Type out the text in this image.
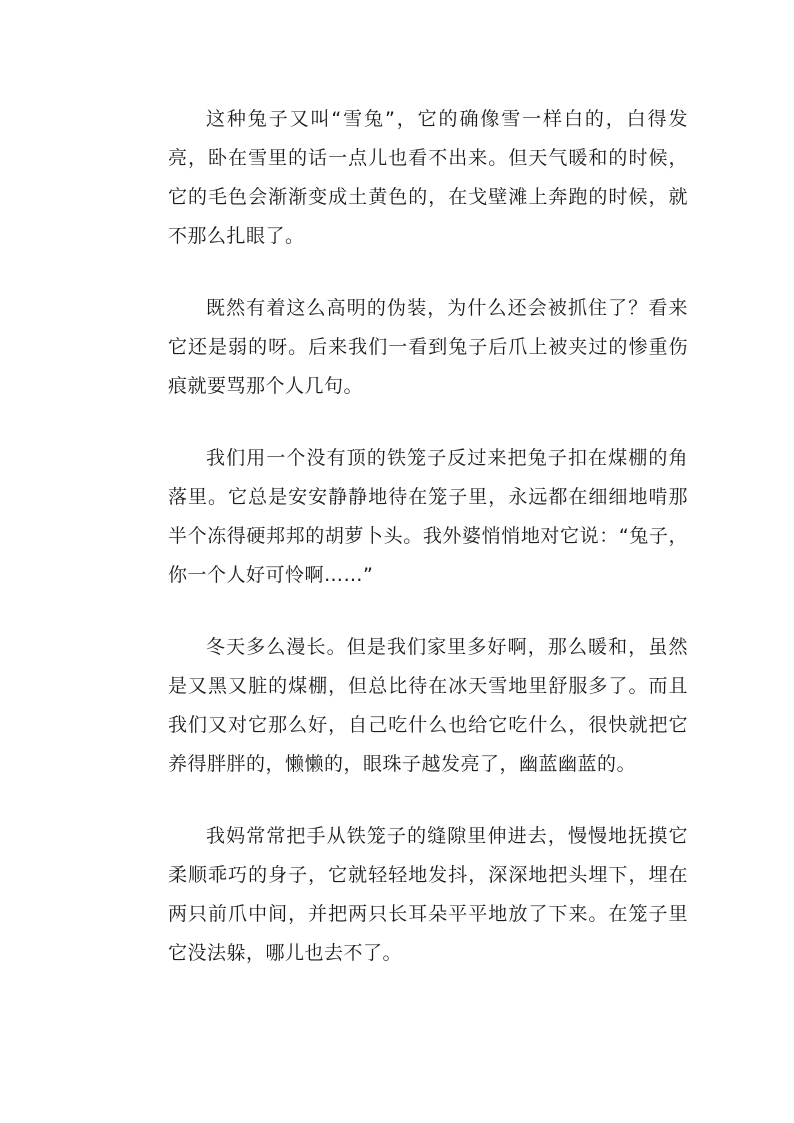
这种兔子又叫“雪兔”，它的确像雪一样白的，白得发亮，卧在雪里的话一点儿也看不出来。但天气暖和的时候，它的毛色会渐渐变成土黄色的，在戈壁滩上奔跑的时候，就不那么扎眼了。

既然有着这么高明的伪装，为什么还会被抓住了？看来它还是弱的呀。后来我们一看到兔子后爪上被夹过的惨重伤痕就要骂那个人几句。

我们用一个没有顶的铁笼子反过来把兔子扣在煤棚的角落里。它总是安安静静地待在笼子里，永远都在细细地啃那半个冻得硬邦邦的胡萝卜头。我外婆悄悄地对它说：“兔子，你一个人好可怜啊……”

冬天多么漫长。但是我们家里多好啊，那么暖和，虽然是又黑又脏的煤棚，但总比待在冰天雪地里舒服多了。而且我们又对它那么好，自己吃什么也给它吃什么，很快就把它养得胖胖的，懒懒的，眼珠子越发亮了，幽蓝幽蓝的。

我妈常常把手从铁笼子的缝隙里伸进去，慢慢地抚摸它柔顺乖巧的身子，它就轻轻地发抖，深深地把头埋下，埋在两只前爪中间，并把两只长耳朵平平地放了下来。在笼子里它没法躲，哪儿也去不了。
